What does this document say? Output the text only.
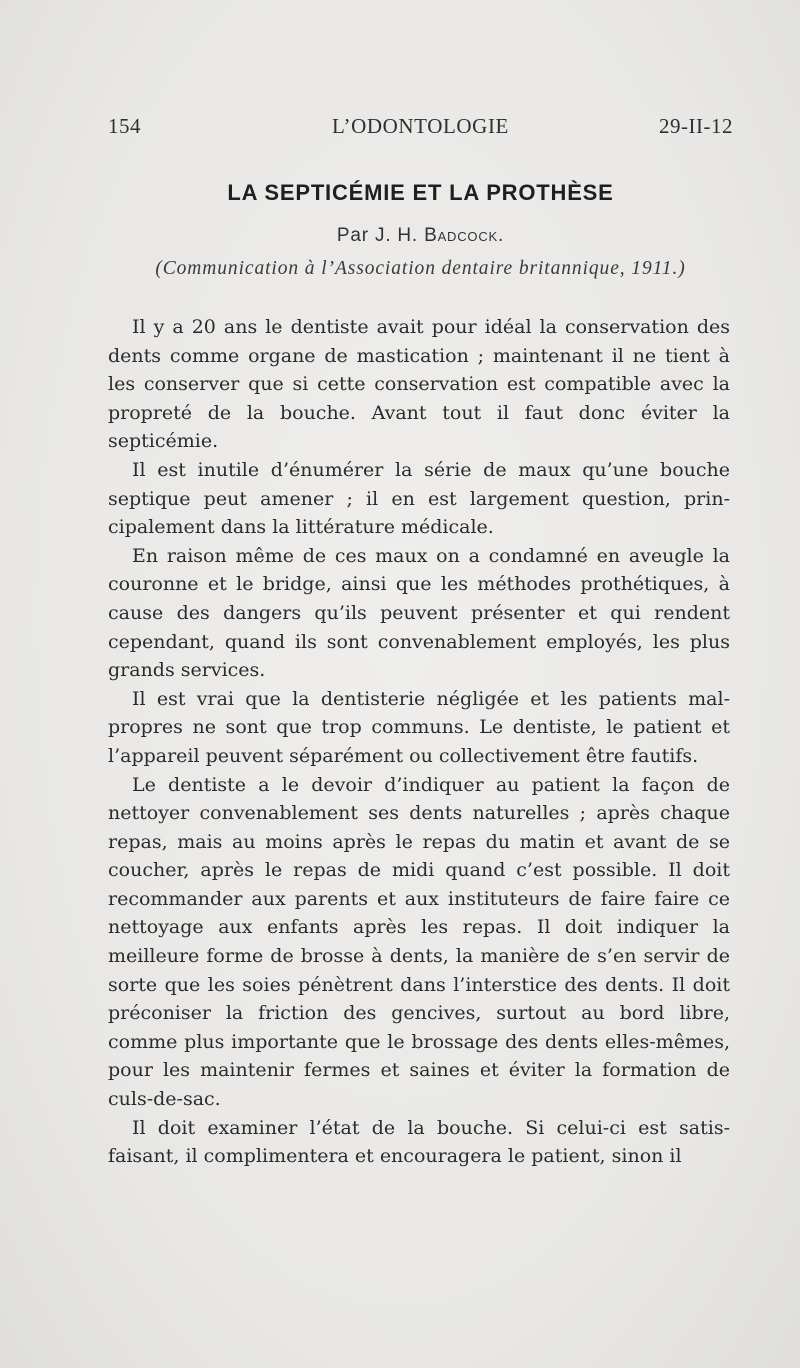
154	L’ODONTOLOGIE	29-II-12
LA SEPTICÉMIE ET LA PROTHÈSE
Par J. H. Badcock.
(Communication à l’Association dentaire britannique, 1911.)

Il y a 20 ans le dentiste avait pour idéal la conservation des dents comme organe de mastication ; maintenant il ne tient à les conserver que si cette conservation est compatible avec la propreté de la bouche. Avant tout il faut donc éviter la septicémie.

Il est inutile d’énumérer la série de maux qu’une bouche septique peut amener ; il en est largement question, principalement dans la littérature médicale.

En raison même de ces maux on a condamné en aveugle la couronne et le bridge, ainsi que les méthodes prothétiques, à cause des dangers qu’ils peuvent présenter et qui rendent cependant, quand ils sont convenablement employés, les plus grands services.

Il est vrai que la dentisterie négligée et les patients malpropres ne sont que trop communs. Le dentiste, le patient et l’appareil peuvent séparément ou collectivement être fautifs.

Le dentiste a le devoir d’indiquer au patient la façon de nettoyer convenablement ses dents naturelles ; après chaque repas, mais au moins après le repas du matin et avant de se coucher, après le repas de midi quand c’est possible. Il doit recommander aux parents et aux instituteurs de faire faire ce nettoyage aux enfants après les repas. Il doit indiquer la meilleure forme de brosse à dents, la manière de s’en servir de sorte que les soies pénètrent dans l’interstice des dents. Il doit préconiser la friction des gencives, surtout au bord libre, comme plus importante que le brossage des dents elles-mêmes, pour les maintenir fermes et saines et éviter la formation de culs-de-sac.

Il doit examiner l’état de la bouche. Si celui-ci est satisfaisant, il complimentera et encouragera le patient, sinon il
